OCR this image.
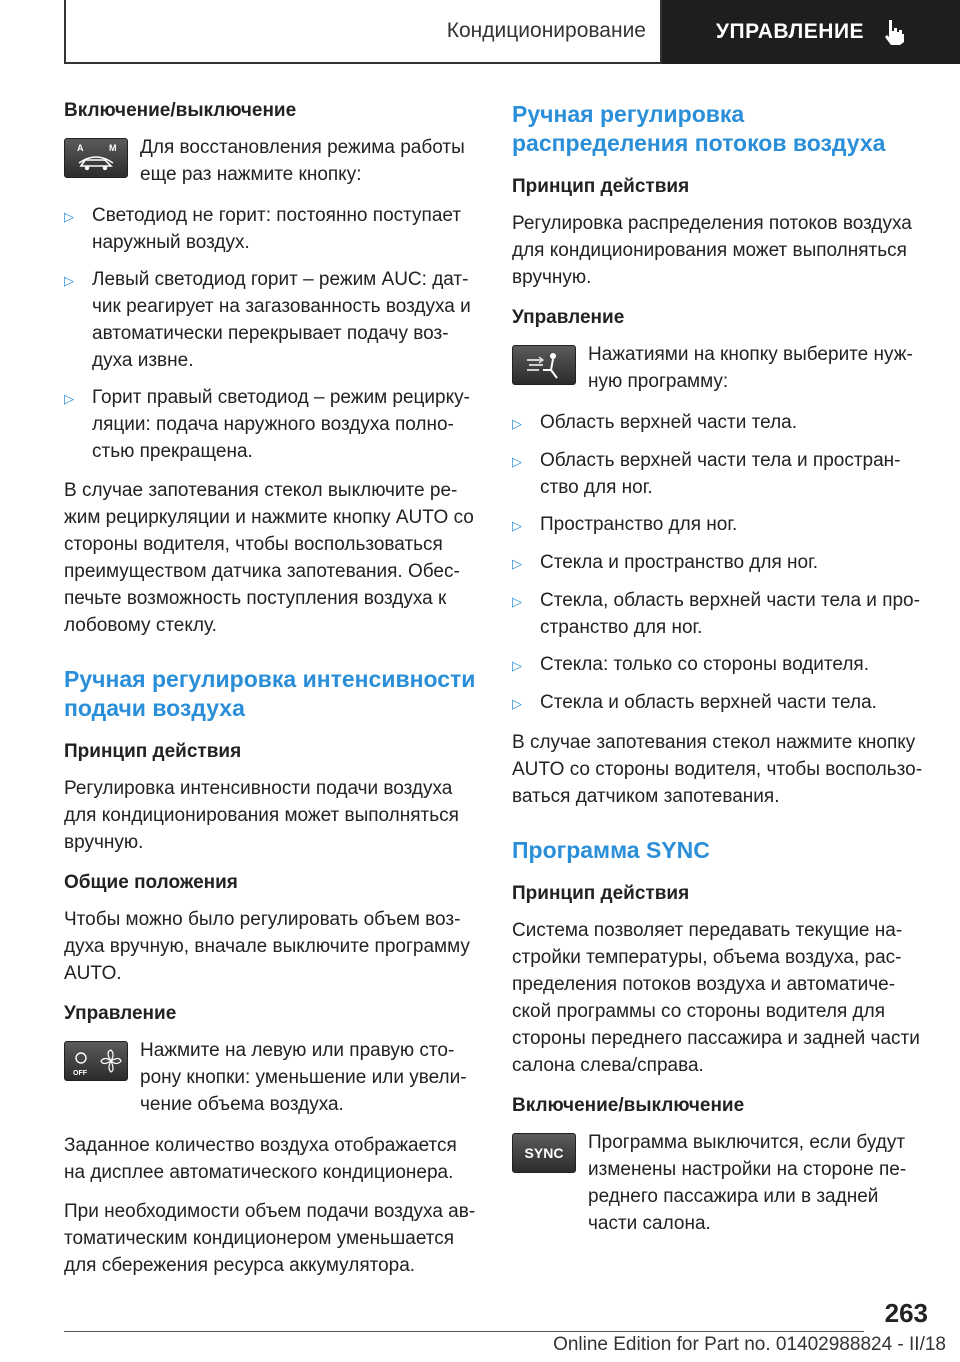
Кондиционирование	УПРАВЛЕНИЕ
Включение/выключение
A	M Для восстановления режима работы еще раз нажмите кнопку:
▷ Светодиод не горит: постоянно поступает наружный воздух.
▷ Левый светодиод горит – режим AUC: датчик реагирует на загазованность воздуха и автоматически перекрывает подачу воздуха извне.
▷ Горит правый светодиод – режим рециркуляции: подача наружного воздуха полностью прекращена.
В случае запотевания стекол выключите режим рециркуляции и нажмите кнопку AUTO со стороны водителя, чтобы воспользоваться преимуществом датчика запотевания. Обеспечьте возможность поступления воздуха к лобовому стеклу.
Ручная регулировка интенсивности подачи воздуха
Принцип действия
Регулировка интенсивности подачи воздуха для кондиционирования может выполняться вручную.
Общие положения
Чтобы можно было регулировать объем воздуха вручную, вначале выключите программу AUTO.
Управление
OFF
Нажмите на левую или правую сторону кнопки: уменьшение или увеличение объема воздуха.
Заданное количество воздуха отображается на дисплее автоматического кондиционера.
При необходимости объем подачи воздуха автоматическим кондиционером уменьшается для сбережения ресурса аккумулятора.
Ручная регулировка распределения потоков воздуха
Принцип действия
Регулировка распределения потоков воздуха для кондиционирования может выполняться вручную.
Управление
Нажатиями на кнопку выберите нужную программу:
▷ Область верхней части тела.
▷ Область верхней части тела и пространство для ног.
▷ Пространство для ног.
▷ Стекла и пространство для ног.
▷ Стекла, область верхней части тела и пространство для ног.
▷ Стекла: только со стороны водителя.
▷ Стекла и область верхней части тела.
В случае запотевания стекол нажмите кнопку AUTO со стороны водителя, чтобы воспользоваться датчиком запотевания.
Программа SYNC
Принцип действия
Система позволяет передавать текущие настройки температуры, объема воздуха, распределения потоков воздуха и автоматической программы со стороны водителя для стороны переднего пассажира и задней части салона слева/справа.
Включение/выключение
SYNC Программа выключится, если будут изменены настройки на стороне переднего пассажира или в задней части салона.
263
Online Edition for Part no. 01402988824 - II/18
